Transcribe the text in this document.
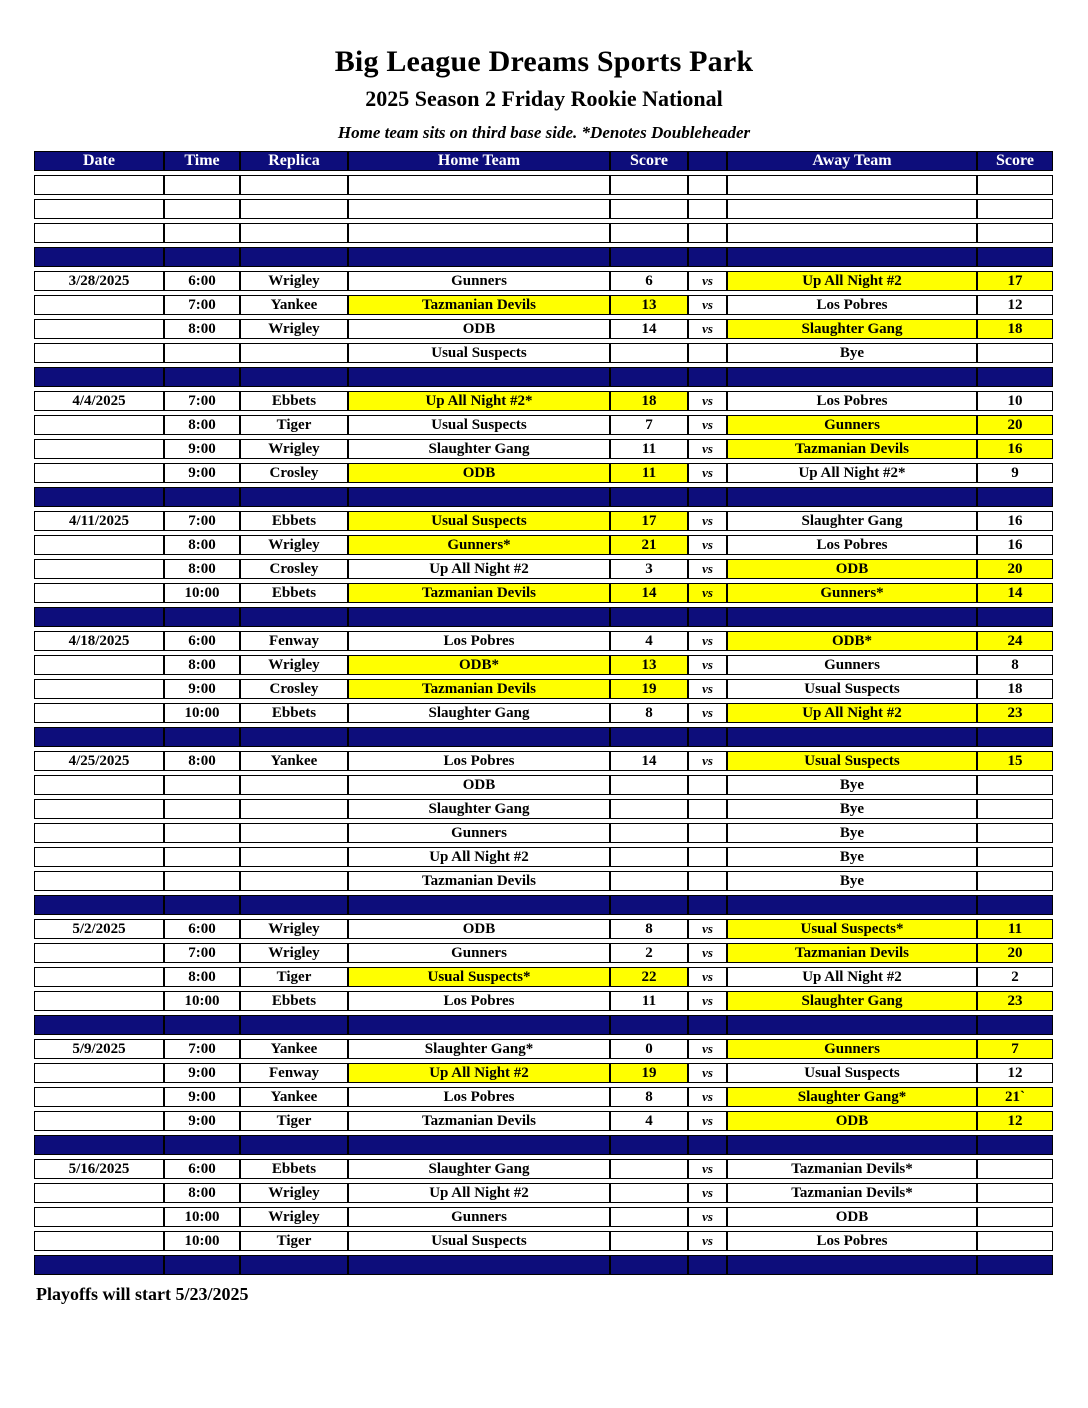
Big League Dreams Sports Park
2025 Season 2 Friday Rookie National
Home team sits on third base side. *Denotes Doubleheader
Date	Time	Replica	Home Team	Score		Away Team	Score

3/28/2025	6:00	Wrigley	Gunners	6	vs	Up All Night #2	17
	7:00	Yankee	Tazmanian Devils	13	vs	Los Pobres	12
	8:00	Wrigley	ODB	14	vs	Slaughter Gang	18
			Usual Suspects			Bye	

4/4/2025	7:00	Ebbets	Up All Night #2*	18	vs	Los Pobres	10
	8:00	Tiger	Usual Suspects	7	vs	Gunners	20
	9:00	Wrigley	Slaughter Gang	11	vs	Tazmanian Devils	16
	9:00	Crosley	ODB	11	vs	Up All Night #2*	9

4/11/2025	7:00	Ebbets	Usual Suspects	17	vs	Slaughter Gang	16
	8:00	Wrigley	Gunners*	21	vs	Los Pobres	16
	8:00	Crosley	Up All Night #2	3	vs	ODB	20
	10:00	Ebbets	Tazmanian Devils	14	vs	Gunners*	14

4/18/2025	6:00	Fenway	Los Pobres	4	vs	ODB*	24
	8:00	Wrigley	ODB*	13	vs	Gunners	8
	9:00	Crosley	Tazmanian Devils	19	vs	Usual Suspects	18
	10:00	Ebbets	Slaughter Gang	8	vs	Up All Night #2	23

4/25/2025	8:00	Yankee	Los Pobres	14	vs	Usual Suspects	15
			ODB			Bye	
			Slaughter Gang			Bye	
			Gunners			Bye	
			Up All Night #2			Bye	
			Tazmanian Devils			Bye	

5/2/2025	6:00	Wrigley	ODB	8	vs	Usual Suspects*	11
	7:00	Wrigley	Gunners	2	vs	Tazmanian Devils	20
	8:00	Tiger	Usual Suspects*	22	vs	Up All Night #2	2
	10:00	Ebbets	Los Pobres	11	vs	Slaughter Gang	23

5/9/2025	7:00	Yankee	Slaughter Gang*	0	vs	Gunners	7
	9:00	Fenway	Up All Night #2	19	vs	Usual Suspects	12
	9:00	Yankee	Los Pobres	8	vs	Slaughter Gang*	21`
	9:00	Tiger	Tazmanian Devils	4	vs	ODB	12

5/16/2025	6:00	Ebbets	Slaughter Gang		vs	Tazmanian Devils*	
	8:00	Wrigley	Up All Night #2		vs	Tazmanian Devils*	
	10:00	Wrigley	Gunners		vs	ODB	
	10:00	Tiger	Usual Suspects		vs	Los Pobres	

Playoffs will start 5/23/2025
